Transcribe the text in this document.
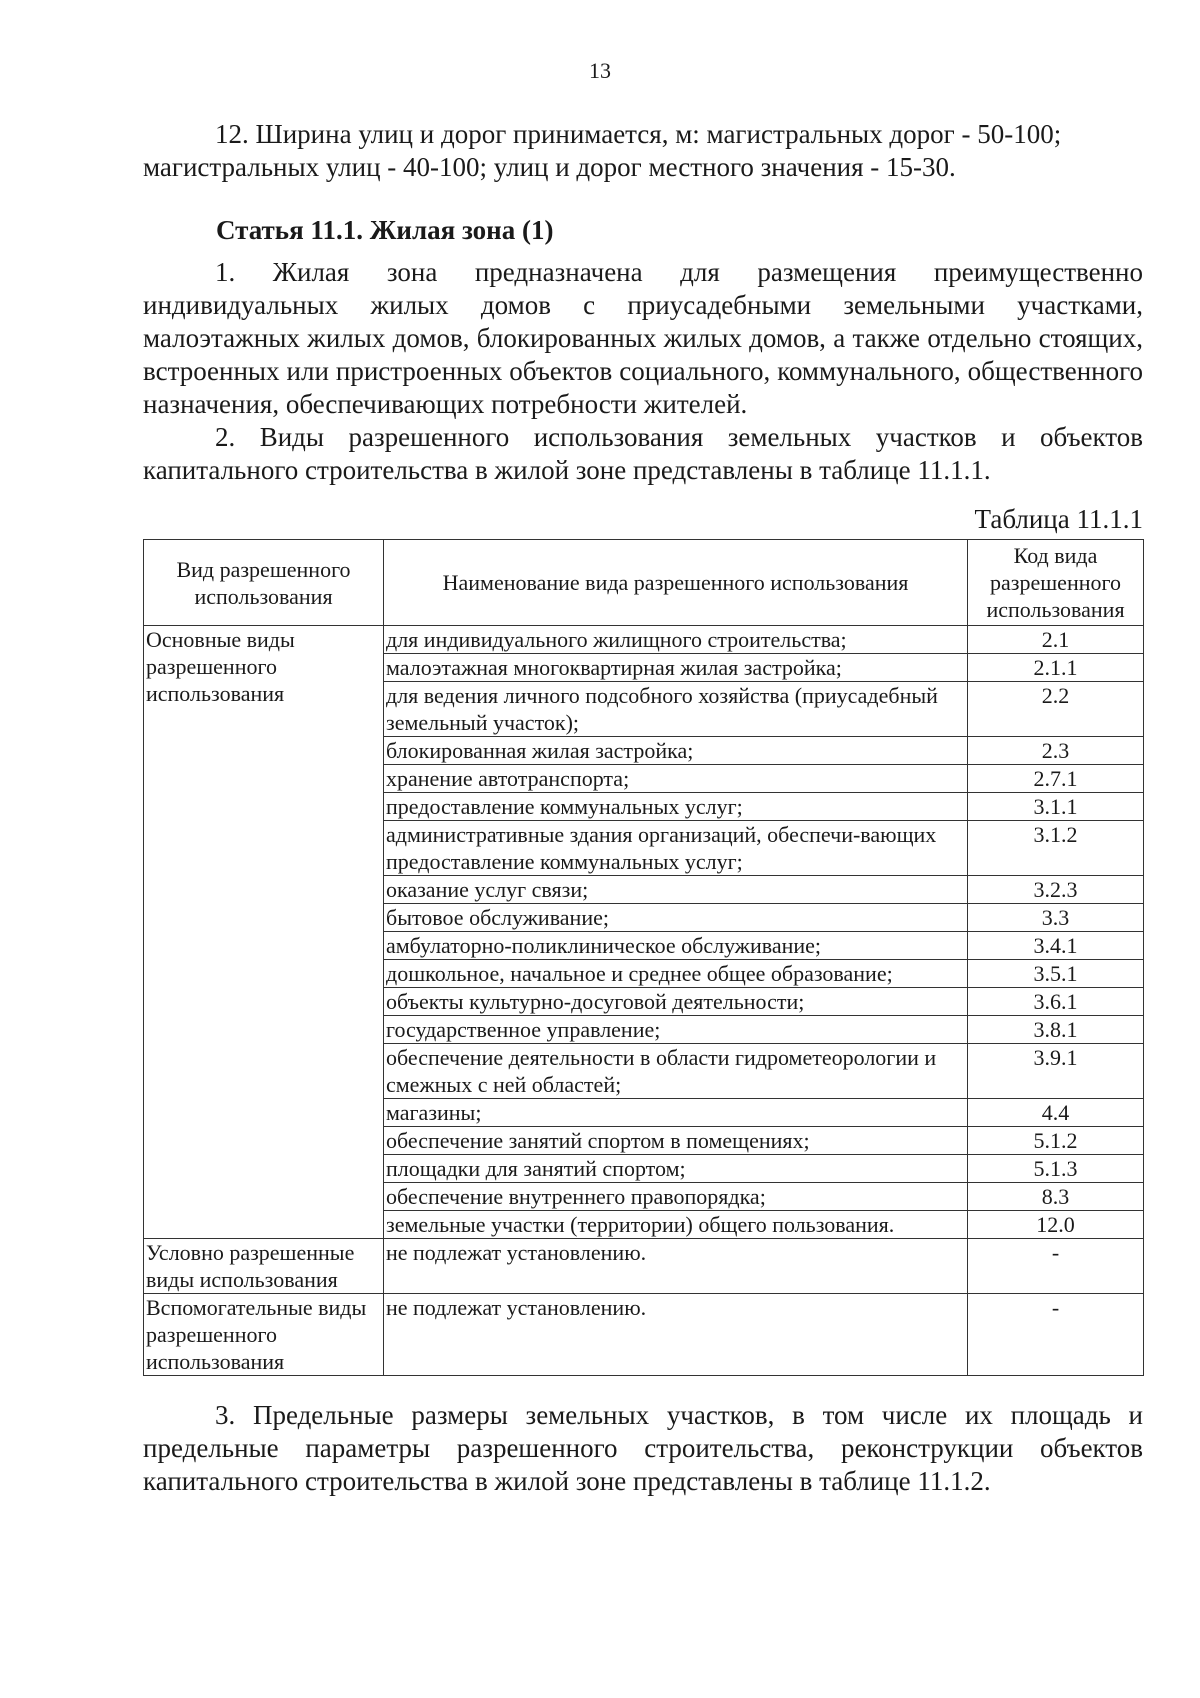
13
12. Ширина улиц и дорог принимается, м: магистральных дорог - 50-100;
магистральных улиц - 40-100; улиц и дорог местного значения - 15-30.
Статья 11.1. Жилая зона (1)
1. Жилая зона предназначена для размещения преимущественно индивидуальных жилых домов с приусадебными земельными участками, малоэтажных жилых домов, блокированных жилых домов, а также отдельно стоящих, встроенных или пристроенных объектов социального, коммунального, общественного назначения, обеспечивающих потребности жителей.
2. Виды разрешенного использования земельных участков и объектов капитального строительства в жилой зоне представлены в таблице 11.1.1.
Таблица 11.1.1
Вид разрешенного использования	Наименование вида разрешенного использования	Код вида разрешенного использования
Основные виды разрешенного использования	для индивидуального жилищного строительства;	2.1
	малоэтажная многоквартирная жилая застройка;	2.1.1
	для ведения личного подсобного хозяйства (приусадебный земельный участок);	2.2
	блокированная жилая застройка;	2.3
	хранение автотранспорта;	2.7.1
	предоставление коммунальных услуг;	3.1.1
	административные здания организаций, обеспечи-вающих предоставление коммунальных услуг;	3.1.2
	оказание услуг связи;	3.2.3
	бытовое обслуживание;	3.3
	амбулаторно-поликлиническое обслуживание;	3.4.1
	дошкольное, начальное и среднее общее образование;	3.5.1
	объекты культурно-досуговой деятельности;	3.6.1
	государственное управление;	3.8.1
	обеспечение деятельности в области гидрометеорологии и смежных с ней областей;	3.9.1
	магазины;	4.4
	обеспечение занятий спортом в помещениях;	5.1.2
	площадки для занятий спортом;	5.1.3
	обеспечение внутреннего правопорядка;	8.3
	земельные участки (территории) общего пользования.	12.0
Условно разрешенные виды использования	не подлежат установлению.	-
Вспомогательные виды разрешенного использования	не подлежат установлению.	-
3. Предельные размеры земельных участков, в том числе их площадь и предельные параметры разрешенного строительства, реконструкции объектов капитального строительства в жилой зоне представлены в таблице 11.1.2.
